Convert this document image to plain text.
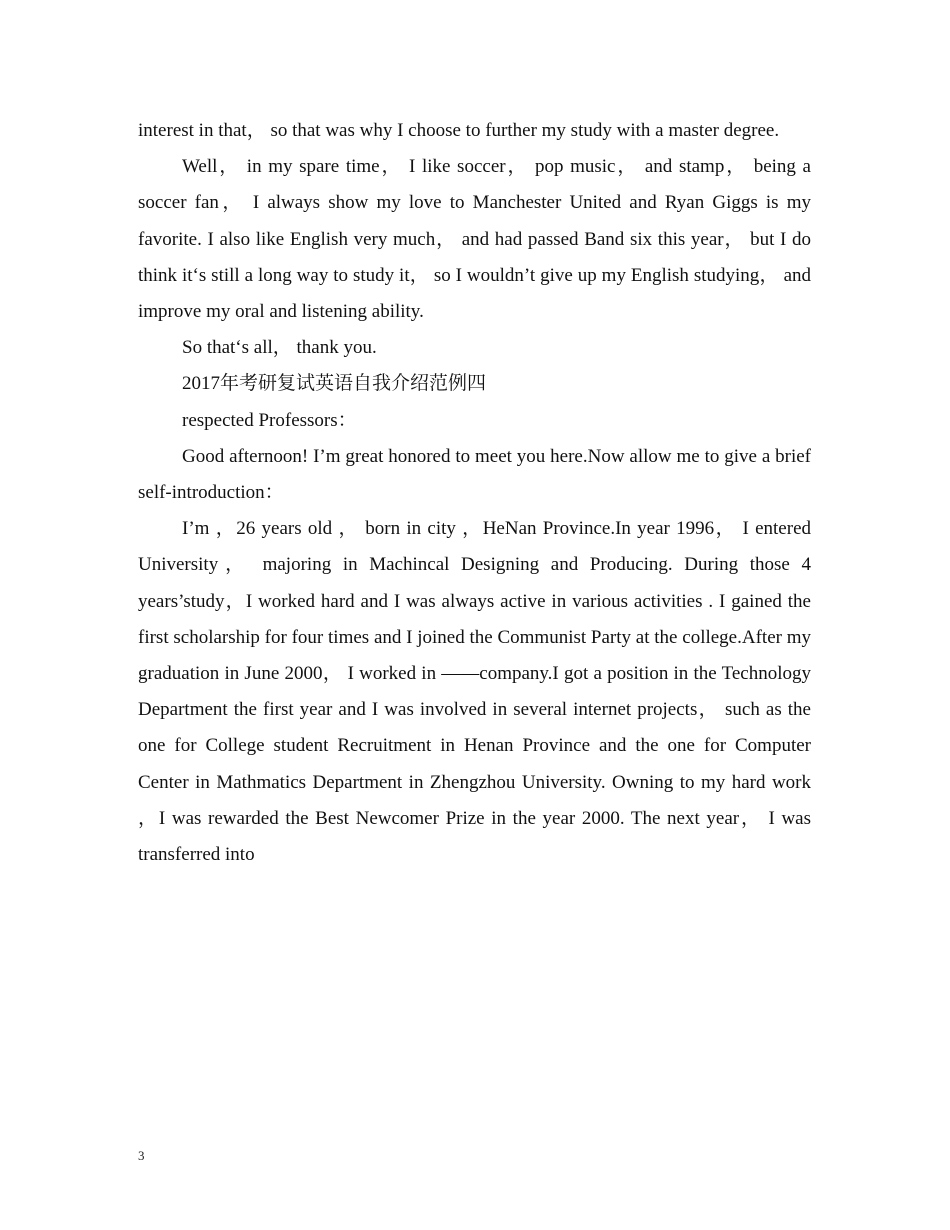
interest in that， so that was why I choose to further my study with a master degree.

Well， in my spare time， I like soccer， pop music， and stamp， being a soccer fan， I always show my love to Manchester United and Ryan Giggs is my favorite. I also like English very much， and had passed Band six this year， but I do think it‘s still a long way to study it， so I wouldn’t give up my English studying， and improve my oral and listening ability.

So that‘s all， thank you.

2017年考研复试英语自我介绍范例四

respected Professors：

Good afternoon! I’m great honored to meet you here.Now allow me to give a brief self-introduction：

I’m ，26 years old ， born in city ，HeNan Province.In year 1996， I entered University， majoring in Machincal Designing and Producing. During those 4 years’study，I worked hard and I was always active in various activities . I gained the first scholarship for four times and I joined the Communist Party at the college.After my graduation in June 2000， I worked in ——company.I got a position in the Technology Department the first year and I was involved in several internet projects， such as the one for College student Recruitment in Henan Province and the one for Computer Center in Mathmatics Department in Zhengzhou University. Owning to my hard work ，I was rewarded the Best Newcomer Prize in the year 2000. The next year， I was transferred into

3
